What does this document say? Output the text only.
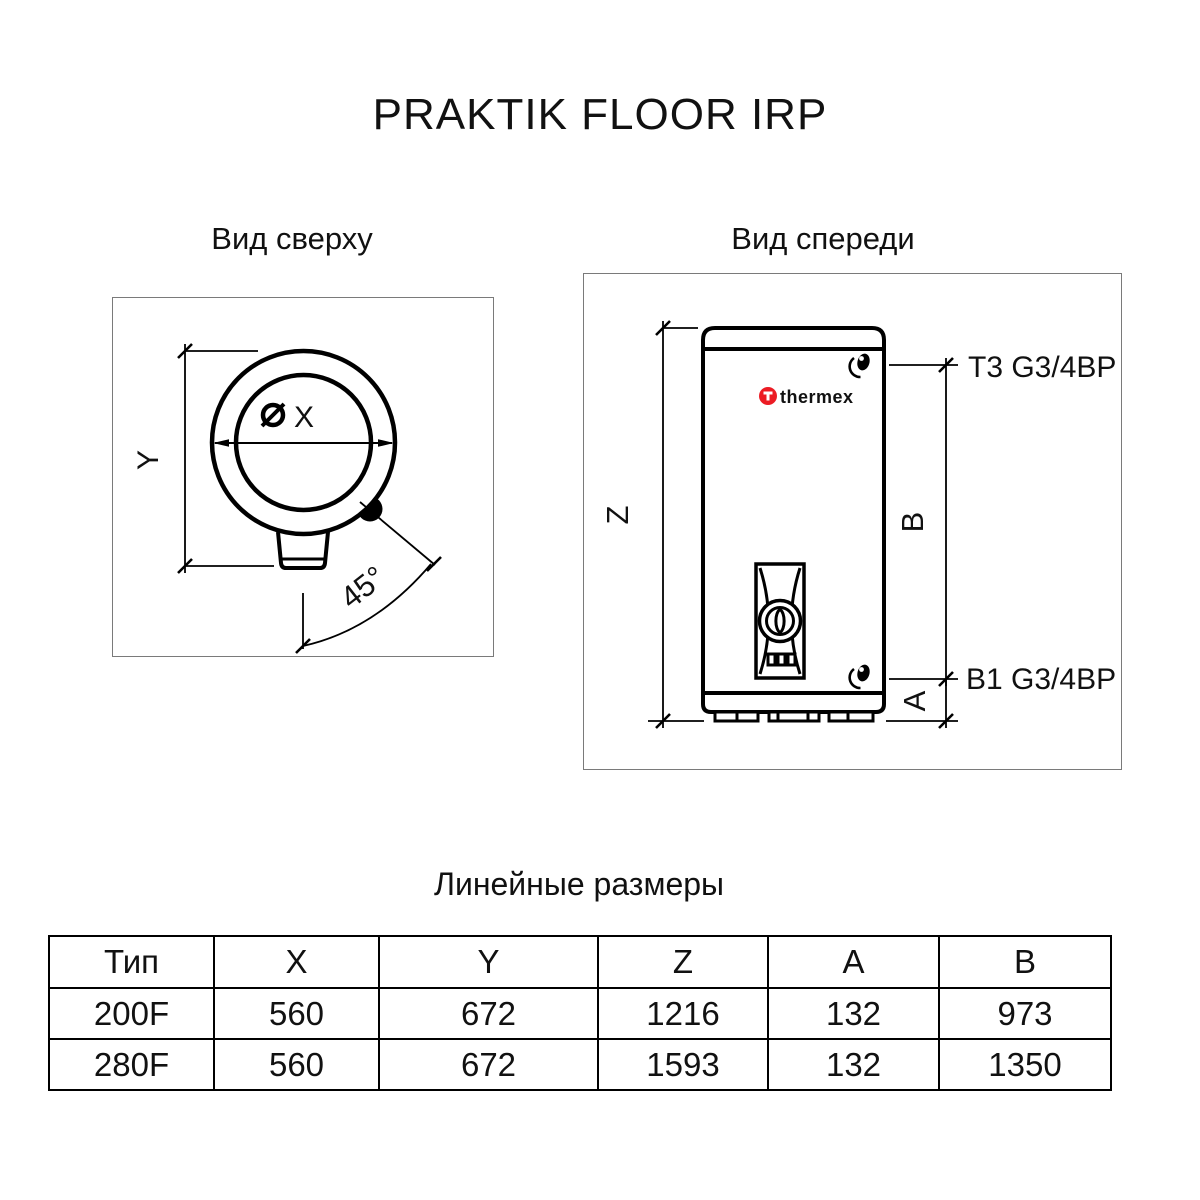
PRAKTIK FLOOR IRP
Вид сверху	Вид спереди
X
Y
45°
Z
thermex
B
A
Т3 G3/4ВР
В1 G3/4ВР
Линейные размеры
Тип	X	Y	Z	A	B
200F	560	672	1216	132	973
280F	560	672	1593	132	1350
